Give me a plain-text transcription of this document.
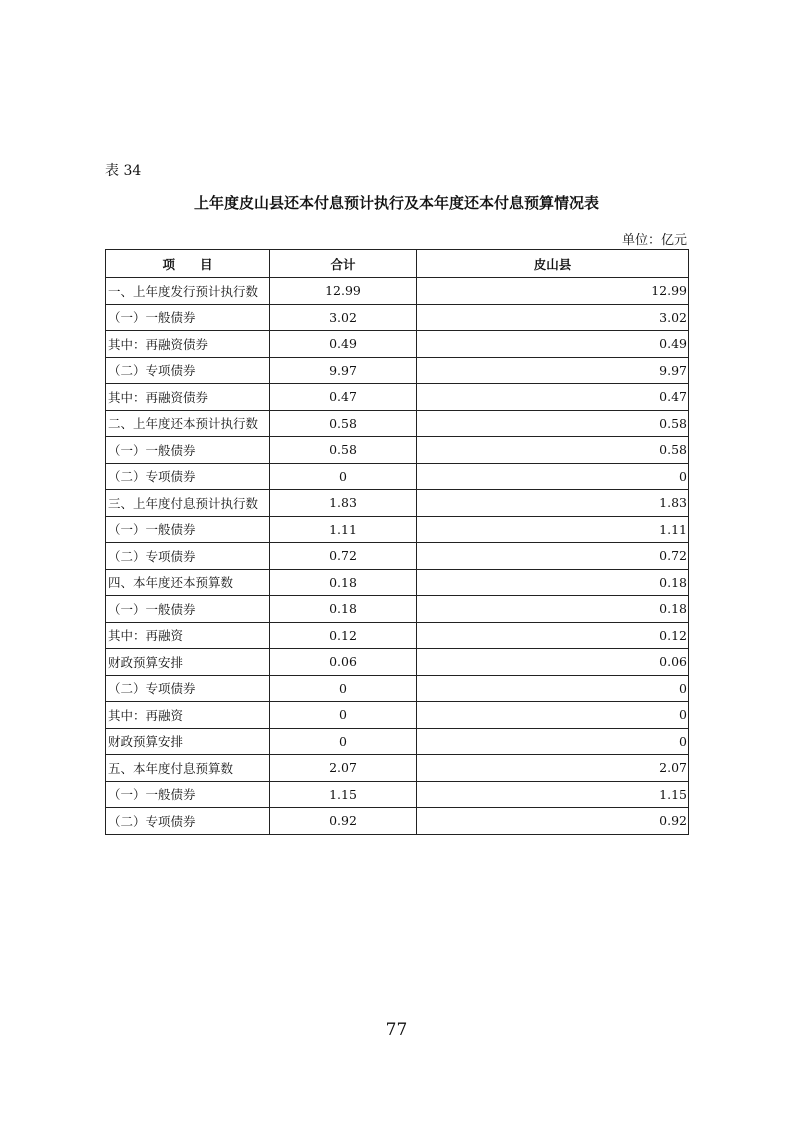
表 34
上年度皮山县还本付息预计执行及本年度还本付息预算情况表
单位：亿元
项　　目	合计	皮山县
一、上年度发行预计执行数	12.99	12.99
（一）一般债券	3.02	3.02
其中：再融资债券	0.49	0.49
（二）专项债券	9.97	9.97
其中：再融资债券	0.47	0.47
二、上年度还本预计执行数	0.58	0.58
（一）一般债券	0.58	0.58
（二）专项债券	0	0
三、上年度付息预计执行数	1.83	1.83
（一）一般债券	1.11	1.11
（二）专项债券	0.72	0.72
四、本年度还本预算数	0.18	0.18
（一）一般债券	0.18	0.18
其中：再融资	0.12	0.12
财政预算安排	0.06	0.06
（二）专项债券	0	0
其中：再融资	0	0
财政预算安排	0	0
五、本年度付息预算数	2.07	2.07
（一）一般债券	1.15	1.15
（二）专项债券	0.92	0.92
77
